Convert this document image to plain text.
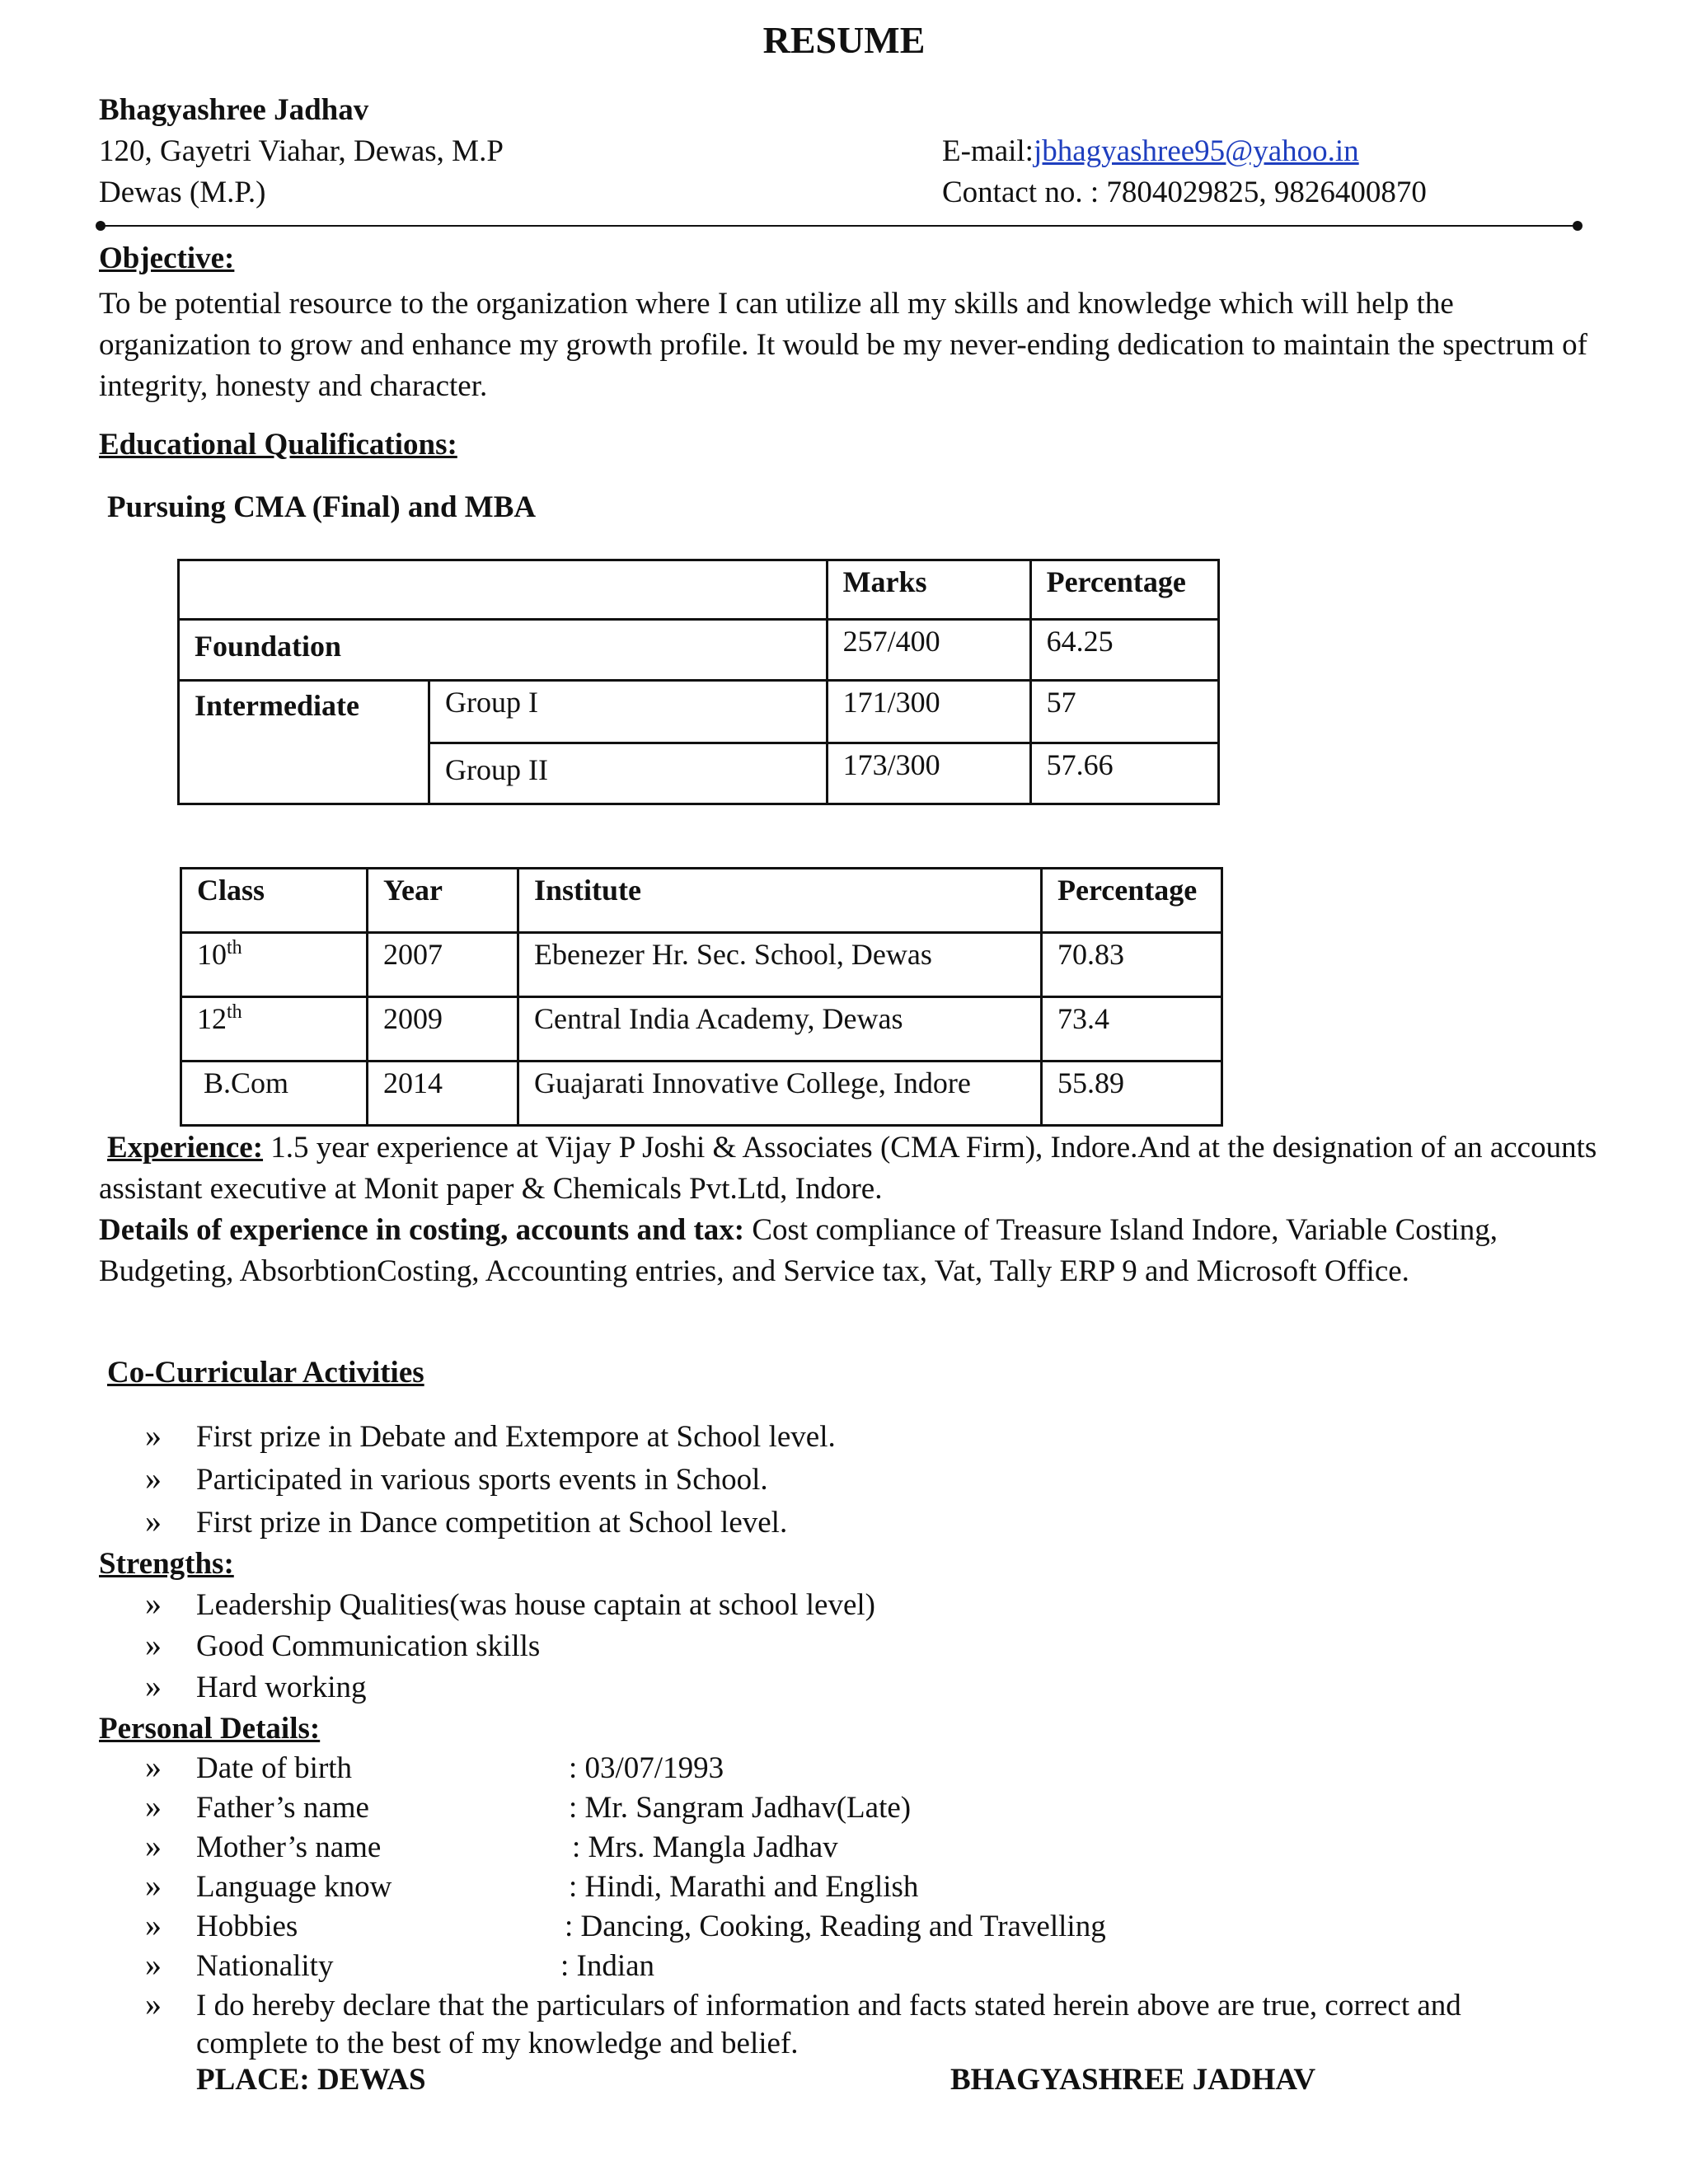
RESUME
Bhagyashree Jadhav
120, Gayetri Viahar, Dewas, M.P
Dewas (M.P.)
E-mail:jbhagyashree95@yahoo.in
Contact no. : 7804029825, 9826400870
Objective:
To be potential resource to the organization where I can utilize all my skills and knowledge which will help the organization to grow and enhance my growth profile. It would be my never-ending dedication to maintain the spectrum of integrity, honesty and character.
Educational Qualifications:
Pursuing CMA (Final) and MBA
		Marks	Percentage
Foundation		257/400	64.25
Intermediate	Group I	171/300	57
	Group II	173/300	57.66
Class	Year	Institute	Percentage
10th	2007	Ebenezer Hr. Sec. School, Dewas	70.83
12th	2009	Central India Academy, Dewas	73.4
B.Com	2014	Guajarati Innovative College, Indore	55.89
Experience: 1.5 year experience at Vijay P Joshi & Associates (CMA Firm), Indore.And at the designation of an accounts assistant executive at Monit paper & Chemicals Pvt.Ltd, Indore.
Details of experience in costing, accounts and tax: Cost compliance of Treasure Island Indore, Variable Costing, Budgeting, AbsorbtionCosting, Accounting entries, and Service tax, Vat, Tally ERP 9 and Microsoft Office.
Co-Curricular Activities
» First prize in Debate and Extempore at School level.
» Participated in various sports events in School.
» First prize in Dance competition at School level.
Strengths:
» Leadership Qualities(was house captain at school level)
» Good Communication skills
» Hard working
Personal Details:
» Date of birth	: 03/07/1993
» Father’s name	: Mr. Sangram Jadhav(Late)
» Mother’s name	: Mrs. Mangla Jadhav
» Language know	: Hindi, Marathi and English
» Hobbies	: Dancing, Cooking, Reading and Travelling
» Nationality	: Indian
» I do hereby declare that the particulars of information and facts stated herein above are true, correct and
complete to the best of my knowledge and belief.
PLACE: DEWAS	BHAGYASHREE JADHAV
